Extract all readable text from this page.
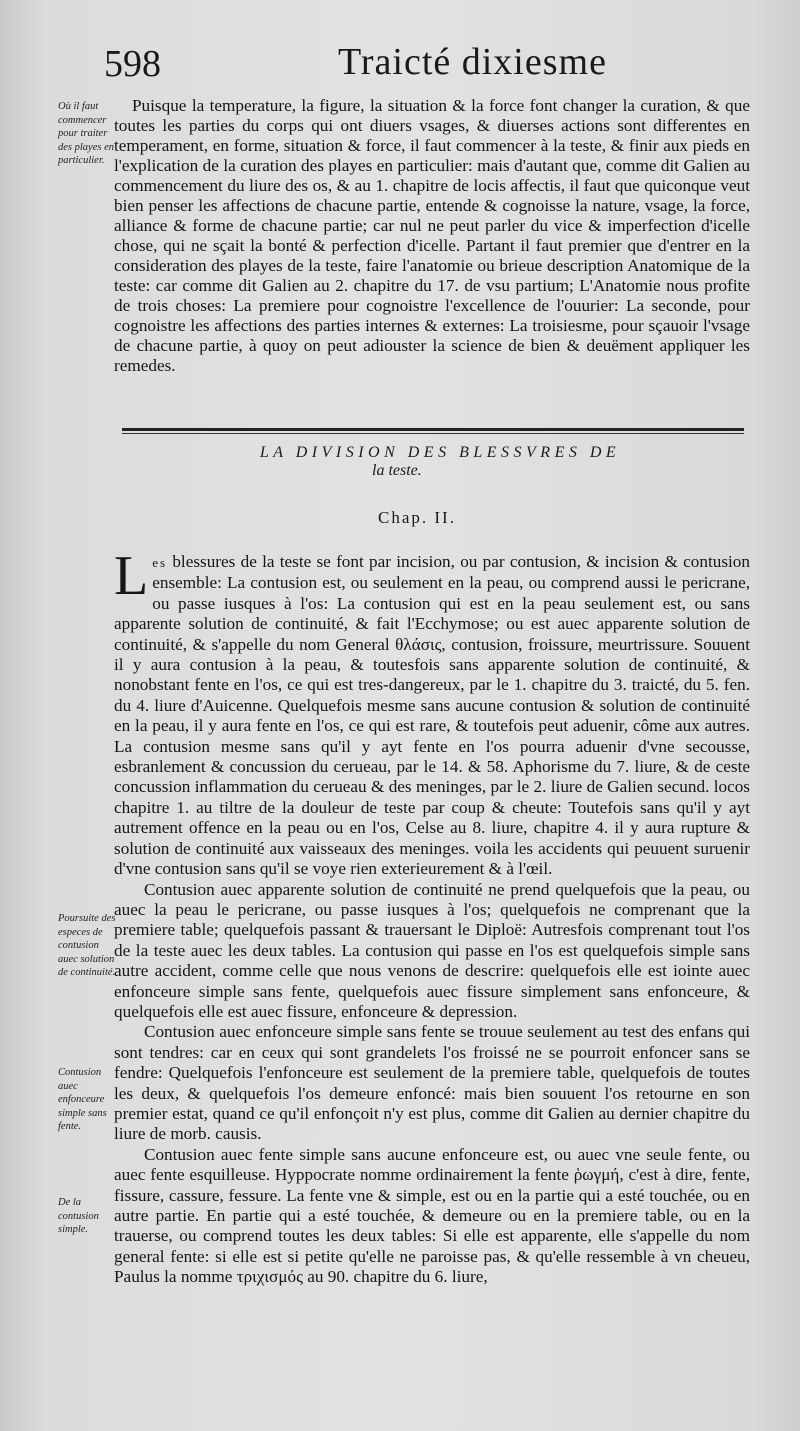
598	Traicté dixiesme
Où il faut commencer pour traiter des playes en particulier.
Poursuite des especes de contusion auec solution de continuité.
Contusion auec enfonceure simple sans fente.
De la contusion simple.

Puisque la temperature, la figure, la situation & la force font changer la curation, & que toutes les parties du corps qui ont diuers vsages, & diuerses actions sont differentes en temperament, en forme, situation & force, il faut commencer à la teste, & finir aux pieds en l'explication de la curation des playes en particulier: mais d'autant que, comme dit Galien au commencement du liure des os, & au 1. chapitre de locis affectis, il faut que quiconque veut bien penser les affections de chacune partie, entende & cognoisse la nature, vsage, la force, alliance & forme de chacune partie; car nul ne peut parler du vice & imperfection d'icelle chose, qui ne sçait la bonté & perfection d'icelle. Partant il faut premier que d'entrer en la consideration des playes de la teste, faire l'anatomie ou brieue description Anatomique de la teste: car comme dit Galien au 2. chapitre du 17. de vsu partium; L'Anatomie nous profite de trois choses: La premiere pour cognoistre l'excellence de l'ouurier: La seconde, pour cognoistre les affections des parties internes & externes: La troisiesme, pour sçauoir l'vsage de chacune partie, à quoy on peut adiouster la science de bien & deuëment appliquer les remedes.

LA DIVISION DES BLESSVRES DE
la teste.
Chap. II.

Les blessures de la teste se font par incision, ou par contusion, & incision & contusion ensemble: La contusion est, ou seulement en la peau, ou comprend aussi le pericrane, ou passe iusques à l'os: La contusion qui est en la peau seulement est, ou sans apparente solution de continuité, & fait l'Ecchymose; ou est auec apparente solution de continuité, & s'appelle du nom General θλάσις, contusion, froissure, meurtrissure. Souuent il y aura contusion à la peau, & toutesfois sans apparente solution de continuité, & nonobstant fente en l'os, ce qui est tres-dangereux, par le 1. chapitre du 3. traicté, du 5. fen. du 4. liure d'Auicenne. Quelquefois mesme sans aucune contusion & solution de continuité en la peau, il y aura fente en l'os, ce qui est rare, & toutefois peut aduenir, côme aux autres. La contusion mesme sans qu'il y ayt fente en l'os pourra aduenir d'vne secousse, esbranlement & concussion du cerueau, par le 14. & 58. Aphorisme du 7. liure, & de ceste concussion inflammation du cerueau & des meninges, par le 2. liure de Galien secund. locos chapitre 1. au tiltre de la douleur de teste par coup & cheute: Toutefois sans qu'il y ayt autrement offence en la peau ou en l'os, Celse au 8. liure, chapitre 4. il y aura rupture & solution de continuité aux vaisseaux des meninges. voila les accidents qui peuuent suruenir d'vne contusion sans qu'il se voye rien exterieurement & à l'œil.

Contusion auec apparente solution de continuité ne prend quelquefois que la peau, ou auec la peau le pericrane, ou passe iusques à l'os; quelquefois ne comprenant que la premiere table; quelquefois passant & trauersant le Diploë: Autresfois comprenant tout l'os de la teste auec les deux tables. La contusion qui passe en l'os est quelquefois simple sans autre accident, comme celle que nous venons de descrire: quelquefois elle est iointe auec enfonceure simple sans fente, quelquefois auec fissure simplement sans enfonceure, & quelquefois elle est auec fissure, enfonceure & depression.

Contusion auec enfonceure simple sans fente se trouue seulement au test des enfans qui sont tendres: car en ceux qui sont grandelets l'os froissé ne se pourroit enfoncer sans se fendre: Quelquefois l'enfonceure est seulement de la premiere table, quelquefois de toutes les deux, & quelquefois l'os demeure enfoncé: mais bien souuent l'os retourne en son premier estat, quand ce qu'il enfonçoit n'y est plus, comme dit Galien au dernier chapitre du liure de morb. causis.

Contusion auec fente simple sans aucune enfonceure est, ou auec vne seule fente, ou auec fente esquilleuse. Hyppocrate nomme ordinairement la fente ῥωγμή, c'est à dire, fente, fissure, cassure, fessure. La fente vne & simple, est ou en la partie qui a esté touchée, ou en autre partie. En partie qui a esté touchée, & demeure ou en la premiere table, ou en la trauerse, ou comprend toutes les deux tables: Si elle est apparente, elle s'appelle du nom general fente: si elle est si petite qu'elle ne paroisse pas, & qu'elle ressemble à vn cheueu, Paulus la nomme τριχισμός au 90. chapitre du 6. liure,
